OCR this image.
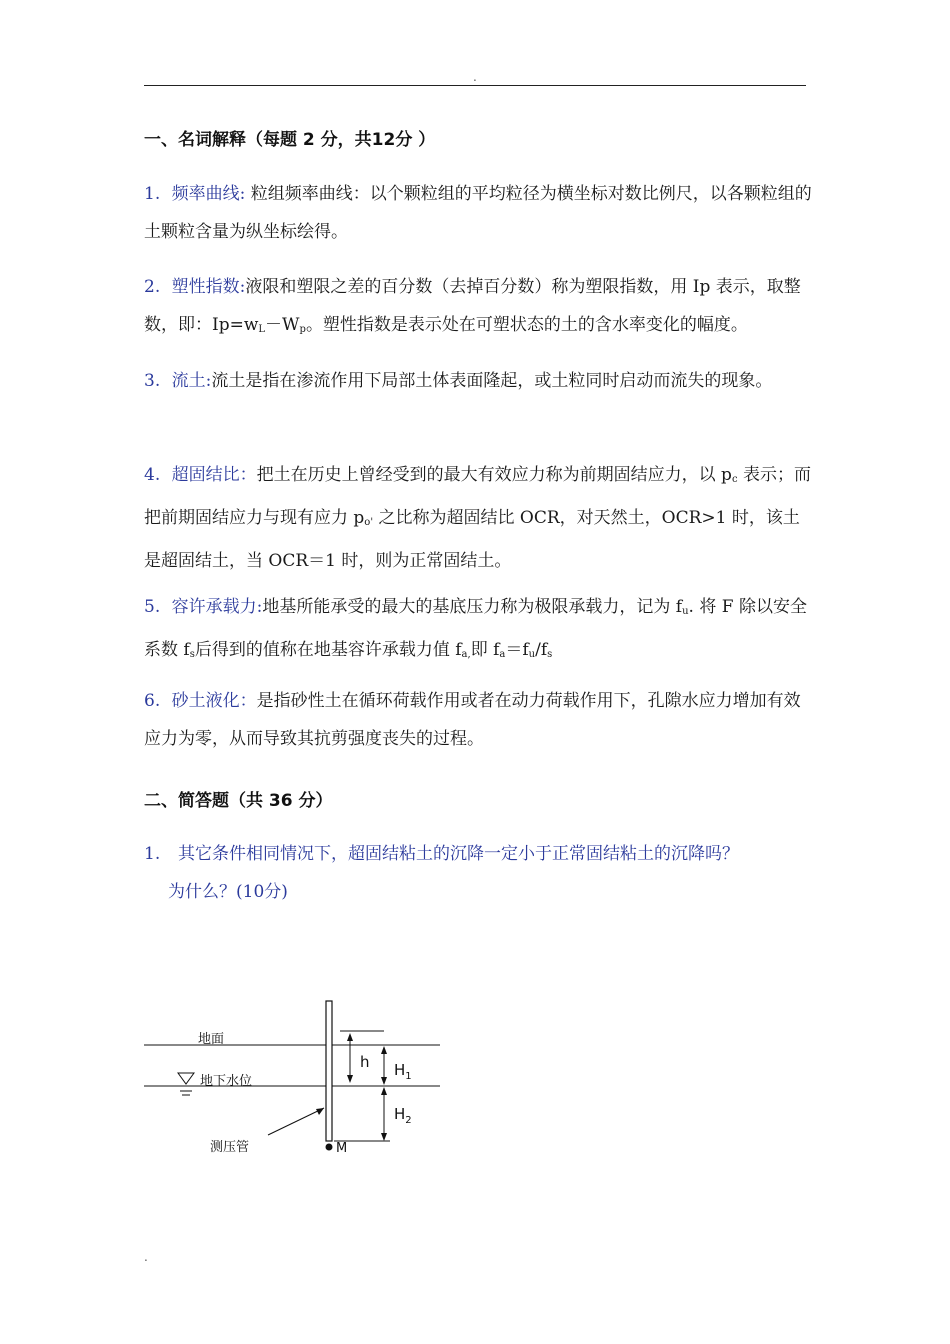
.
一、名词解释（每题 2 分，共12分 ）
1. 频率曲线: 粒组频率曲线：以个颗粒组的平均粒径为横坐标对数比例尺，以各颗粒组的土颗粒含量为纵坐标绘得。
2. 塑性指数:液限和塑限之差的百分数（去掉百分数）称为塑限指数，用 Ip 表示，取整数，即：$Ip=w_L-W_p$。塑性指数是表示处在可塑状态的土的含水率变化的幅度。
3. 流土:流土是指在渗流作用下局部土体表面隆起，或土粒同时启动而流失的现象。
4. 超固结比：把土在历史上曾经受到的最大有效应力称为前期固结应力，以 $p_c$ 表示；而把前期固结应力与现有应力 $p_{o'}$ 之比称为超固结比 OCR，对天然土，OCR>1 时，该土是超固结土，当 OCR＝1 时，则为正常固结土。
5. 容许承载力:地基所能承受的最大的基底压力称为极限承载力，记为 $f_u$. 将 F 除以安全系数 $f_s$后得到的值称在地基容许承载力值 $f_{a,}$即 $f_a=f_u/f_s$
6. 砂土液化：是指砂性土在循环荷载作用或者在动力荷载作用下，孔隙水应力增加有效应力为零，从而导致其抗剪强度丧失的过程。
二、简答题（共 36 分）
1. 其它条件相同情况下，超固结粘土的沉降一定小于正常固结粘土的沉降吗？
为什么？(10分)
地面
地下水位
M
测压管
h $H_1$
$H_2$
.
